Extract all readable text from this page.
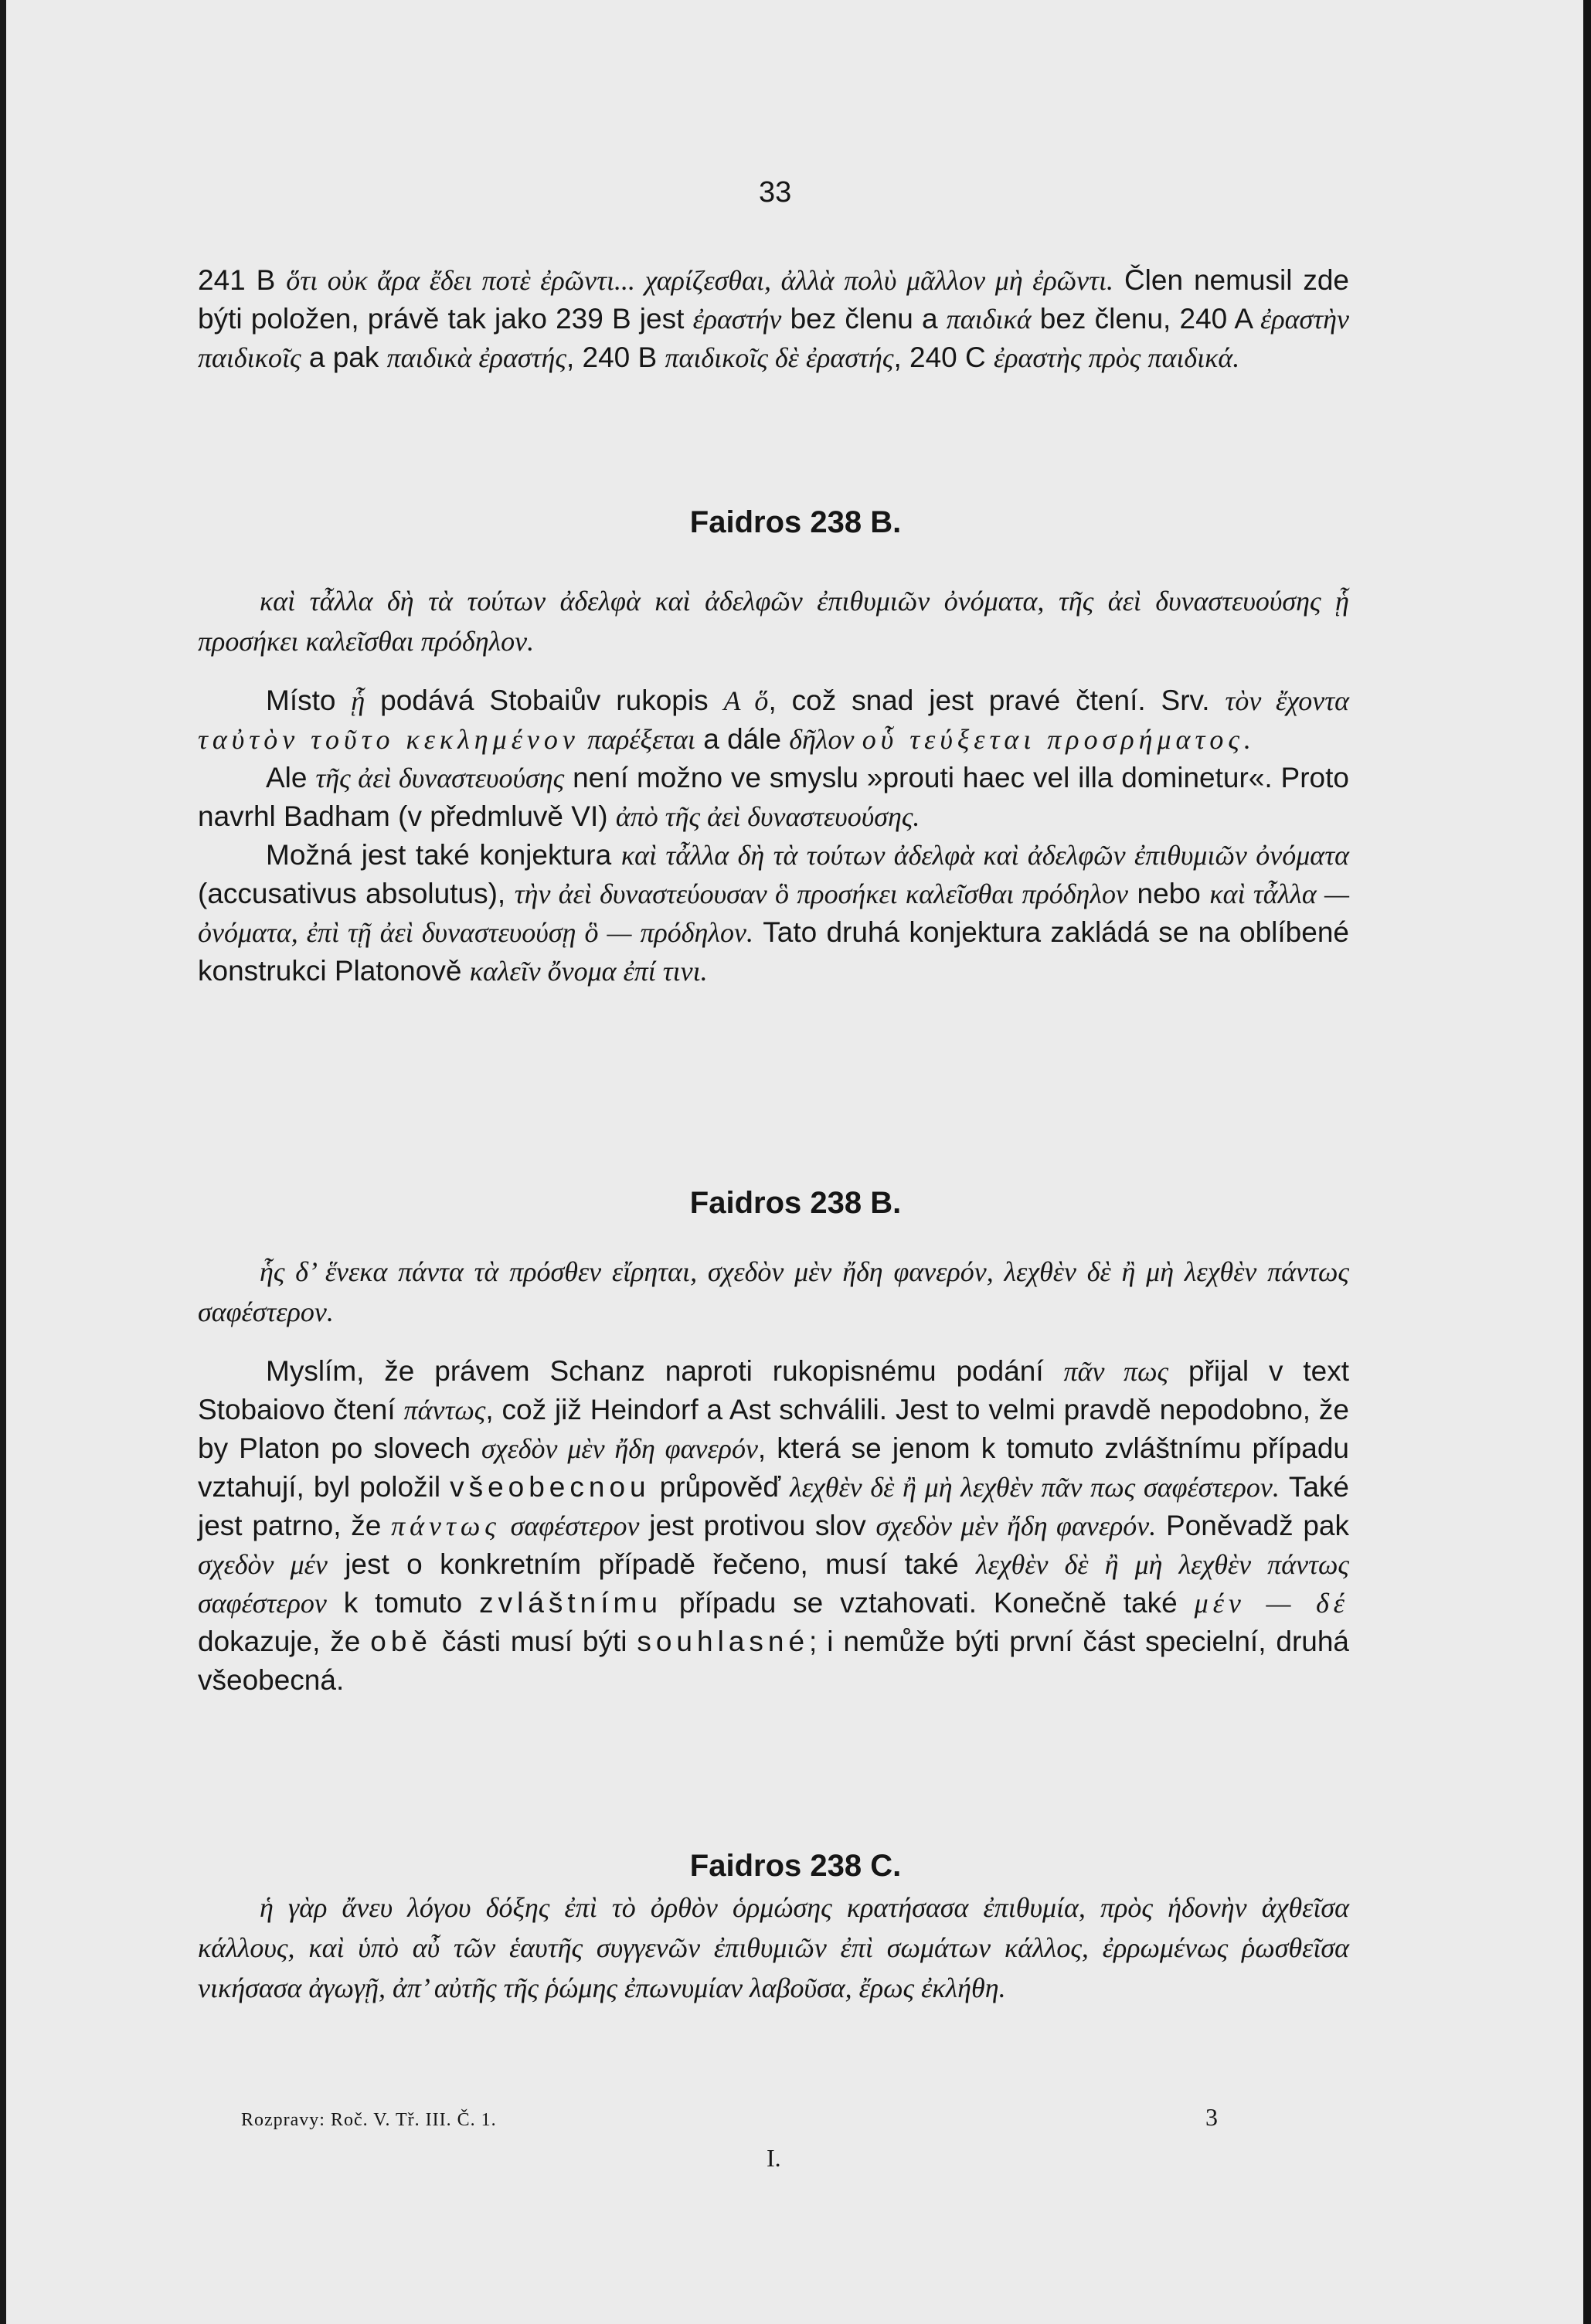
33

241 B ὅτι οὐκ ἄρα ἔδει ποτὲ ἐρῶντι... χαρίζεσθαι, ἀλλὰ πολὺ μᾶλλον μὴ ἐρῶντι. Člen nemusil zde býti položen, právě tak jako 239 B jest ἐραστήν bez členu a παιδικά bez členu, 240 A ἐραστὴν παιδικοῖς a pak παιδικὰ ἐραστής, 240 B παιδικοῖς δὲ ἐραστής, 240 C ἐραστὴς πρὸς παιδικά.

Faidros 238 B.

καὶ τἆλλα δὴ τὰ τούτων ἀδελφὰ καὶ ἀδελφῶν ἐπιθυμιῶν ὀνόματα, τῆς ἀεὶ δυναστευούσης ᾗ προσήκει καλεῖσθαι πρόδηλον.

Místo ᾗ podává Stobaiův rukopis A ὅ, což snad jest pravé čtení. Srv. τὸν ἔχοντα ταὐτὸν τοῦτο κεκλημένον παρέξεται a dále δῆλον οὗ τεύξεται προσρήματος.

Ale τῆς ἀεὶ δυναστευούσης není možno ve smyslu »prouti haec vel illa dominetur«. Proto navrhl Badham (v předmluvě VI) ἀπὸ τῆς ἀεὶ δυναστευούσης.

Možná jest také konjektura καὶ τἆλλα δὴ τὰ τούτων ἀδελφὰ καὶ ἀδελφῶν ἐπιθυμιῶν ὀνόματα (accusativus absolutus), τὴν ἀεὶ δυναστεύουσαν ὃ προσήκει καλεῖσθαι πρόδηλον nebo καὶ τἆλλα — ὀνόματα, ἐπὶ τῇ ἀεὶ δυναστευούσῃ ὃ — πρόδηλον. Tato druhá konjektura zakládá se na oblíbené konstrukci Platonově καλεῖν ὄνομα ἐπί τινι.

Faidros 238 B.

ἧς δ’ ἕνεκα πάντα τὰ πρόσθεν εἴρηται, σχεδὸν μὲν ἤδη φανερόν, λεχθὲν δὲ ἢ μὴ λεχθὲν πάντως σαφέστερον.

Myslím, že právem Schanz naproti rukopisnému podání πᾶν πως přijal v text Stobaiovo čtení πάντως, což již Heindorf a Ast schválili. Jest to velmi pravdě nepodobno, že by Platon po slovech σχεδὸν μὲν ἤδη φανερόν, která se jenom k tomuto zvláštnímu případu vztahují, byl položil všeobecnou průpověď λεχθὲν δὲ ἢ μὴ λεχθὲν πᾶν πως σαφέστερον. Také jest patrno, že πάντως σαφέστερον jest protivou slov σχεδὸν μὲν ἤδη φανερόν. Poněvadž pak σχεδὸν μέν jest o konkretním případě řečeno, musí také λεχθὲν δὲ ἢ μὴ λεχθὲν πάντως σαφέστερον k tomuto zvláštnímu případu se vztahovati. Konečně také μέν — δέ dokazuje, že obě části musí býti souhlasné; i nemůže býti první část specielní, druhá všeobecná.

Faidros 238 C.

ἡ γὰρ ἄνευ λόγου δόξης ἐπὶ τὸ ὀρθὸν ὁρμώσης κρατήσασα ἐπιθυμία, πρὸς ἡδονὴν ἀχθεῖσα κάλλους, καὶ ὑπὸ αὖ τῶν ἑαυτῆς συγγενῶν ἐπιθυμιῶν ἐπὶ σωμάτων κάλλος, ἐρρωμένως ῥωσθεῖσα νικήσασα ἀγωγῇ, ἀπ’ αὐτῆς τῆς ῥώμης ἐπωνυμίαν λαβοῦσα, ἔρως ἐκλήθη.

Rozpravy: Roč. V. Tř. III. Č. 1.	3
I.
